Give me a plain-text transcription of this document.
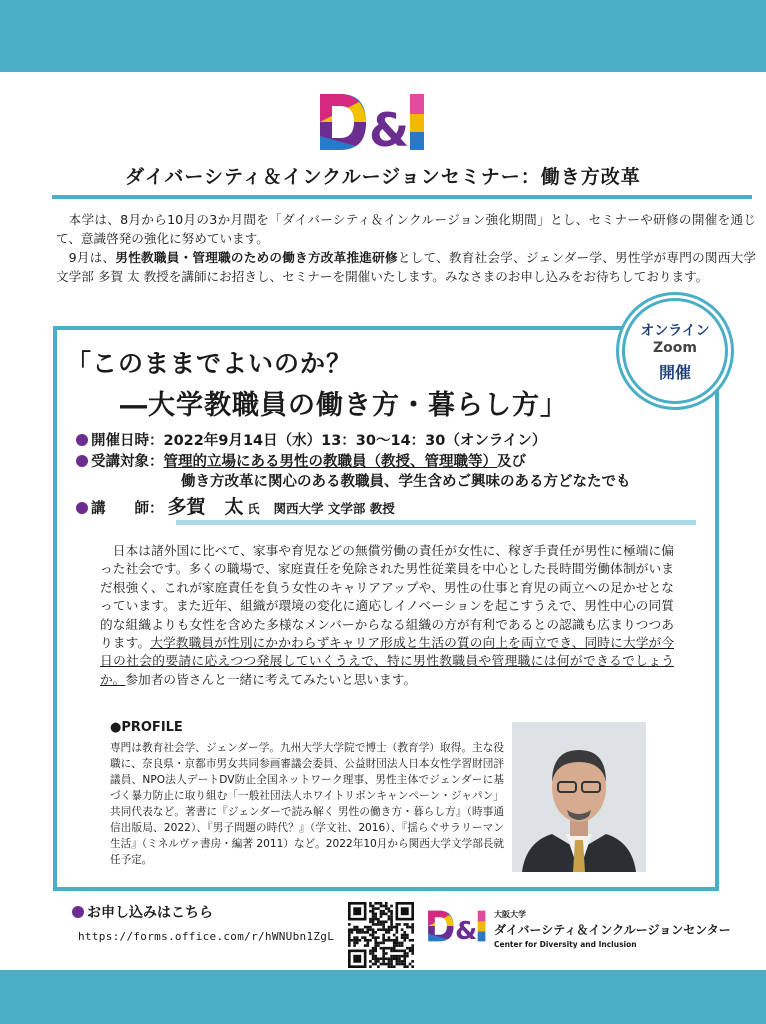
&
ダイバーシティ＆インクルージョンセミナー：働き方改革

本学は、8月から10月の3か月間を「ダイバーシティ＆インクルージョン強化期間」とし、セミナーや研修の開催を通じて、意識啓発の強化に努めています。

9月は、男性教職員・管理職のための働き方改革推進研修として、教育社会学、ジェンダー学、男性学が専門の関西大学 文学部 多賀 太 教授を講師にお招きし、セミナーを開催いたします。みなさまのお申し込みをお待ちしております。

オンライン
Zoom
開催
「このままでよいのか？
―大学教職員の働き方・暮らし方」
開催日時：2022年9月14日（水）13：30～14：30（オンライン）
受講対象：管理的立場にある男性の教職員（教授、管理職等）及び
働き方改革に関心のある教職員、学生含めご興味のある方どなたでも
講　　師： 多賀　太 氏 関西大学 文学部 教授

日本は諸外国に比べて、家事や育児などの無償労働の責任が女性に、稼ぎ手責任が男性に極端に偏った社会です。多くの職場で、家庭責任を免除された男性従業員を中心とした長時間労働体制がいまだ根強く、これが家庭責任を負う女性のキャリアアップや、男性の仕事と育児の両立への足かせとなっています。また近年、組織が環境の変化に適応しイノベーションを起こすうえで、男性中心の同質的な組織よりも女性を含めた多様なメンバーからなる組織の方が有利であるとの認識も広まりつつあります。大学教職員が性別にかかわらずキャリア形成と生活の質の向上を両立でき、同時に大学が今日の社会的要請に応えつつ発展していくうえで、特に男性教職員や管理職には何ができるでしょうか。参加者の皆さんと一緒に考えてみたいと思います。

●PROFILE
専門は教育社会学、ジェンダー学。九州大学大学院で博士（教育学）取得。主な役職に、奈良県・京都市男女共同参画審議会委員、公益財団法人日本女性学習財団評議員、NPO法人デートDV防止全国ネットワーク理事、男性主体でジェンダーに基づく暴力防止に取り組む「一般社団法人ホワイトリボンキャンペーン・ジャパン」共同代表など。著書に『ジェンダーで読み解く 男性の働き方・暮らし方』（時事通信出版局、2022）、『男子問題の時代？』（学文社、2016）、『揺らぐサラリーマン生活』（ミネルヴァ書房・編著 2011）など。2022年10月から関西大学文学部長就任予定。
お申し込みはこちら
https://forms.office.com/r/hWNUbn1ZgL	&
大阪大学
ダイバーシティ＆インクルージョンセンター
Center for Diversity and Inclusion
